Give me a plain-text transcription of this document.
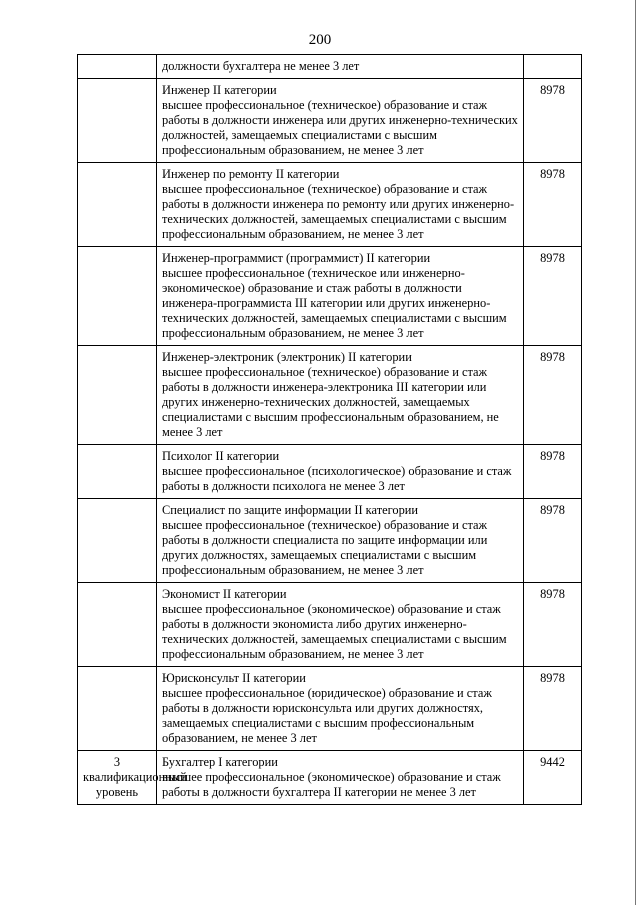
200

	должности бухгалтера не менее 3 лет	

	Инженер II категории
высшее профессиональное (техническое) образование и стаж работы в должности инженера или других инженерно-технических должностей, замещаемых специалистами с высшим профессиональным образованием, не менее 3 лет	8978

	Инженер по ремонту II категории
высшее профессиональное (техническое) образование и стаж работы в должности инженера по ремонту или других инженерно-технических должностей, замещаемых специалистами с высшим профессиональным образованием, не менее 3 лет	8978

	Инженер-программист (программист) II категории
высшее профессиональное (техническое или инженерно-экономическое) образование и стаж работы в должности инженера-программиста III категории или других инженерно-технических должностей, замещаемых специалистами с высшим профессиональным образованием, не менее 3 лет	8978

	Инженер-электроник (электроник) II категории
высшее профессиональное (техническое) образование и стаж работы в должности инженера-электроника III категории или других инженерно-технических должностей, замещаемых специалистами с высшим профессиональным образованием, не менее 3 лет	8978

	Психолог II категории
высшее профессиональное (психологическое) образование и стаж работы в должности психолога не менее 3 лет	8978

	Специалист по защите информации II категории
высшее профессиональное (техническое) образование и стаж работы в должности специалиста по защите информации или других должностях, замещаемых специалистами с высшим профессиональным образованием, не менее 3 лет	8978

	Экономист II категории
высшее профессиональное (экономическое) образование и стаж работы в должности экономиста либо других инженерно-технических должностей, замещаемых специалистами с высшим профессиональным образованием, не менее 3 лет	8978

	Юрисконсульт II категории
высшее профессиональное (юридическое) образование и стаж работы в должности юрисконсульта или других должностях, замещаемых специалистами с высшим профессиональным образованием, не менее 3 лет	8978
3 квалификационный уровень	Бухгалтер I категории
высшее профессиональное (экономическое) образование и стаж работы в должности бухгалтера II категории не менее 3 лет	9442
